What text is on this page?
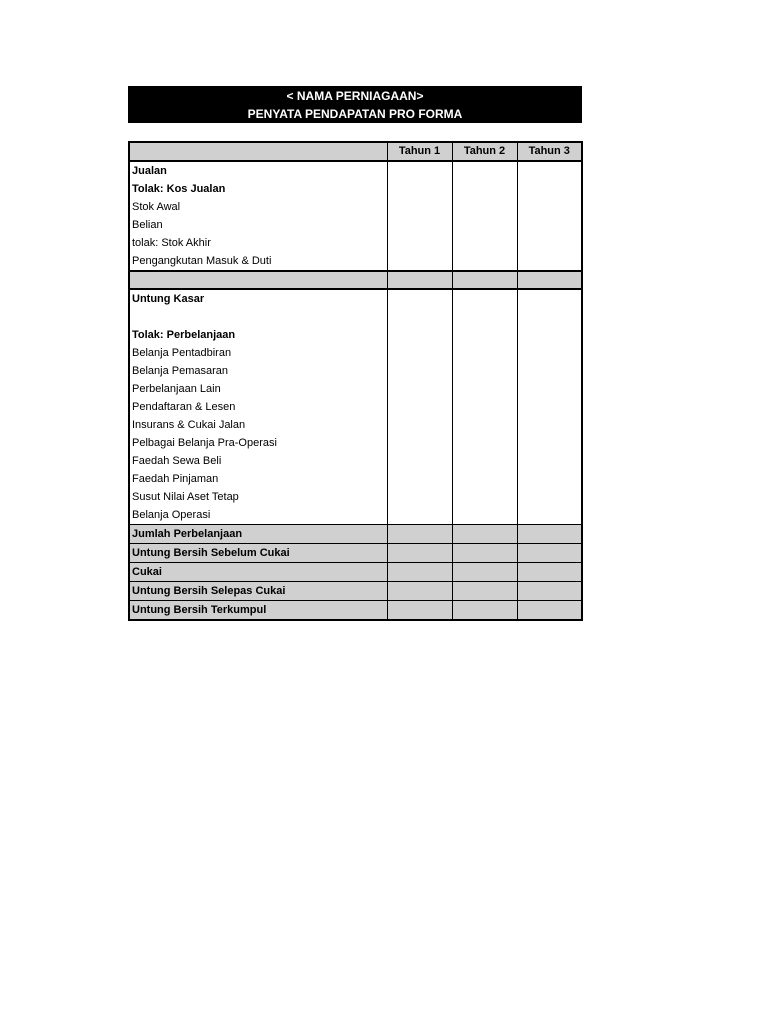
< NAMA PERNIAGAAN>
PENYATA PENDAPATAN PRO FORMA
	Tahun 1	Tahun 2	Tahun 3
Jualan			
Tolak: Kos Jualan			
Stok Awal			
Belian			
tolak: Stok Akhir			
Pengangkutan Masuk & Duti			

Untung Kasar			

Tolak: Perbelanjaan			
Belanja Pentadbiran			
Belanja Pemasaran			
Perbelanjaan Lain			
Pendaftaran & Lesen			
Insurans & Cukai Jalan			
Pelbagai Belanja Pra-Operasi			
Faedah Sewa Beli			
Faedah Pinjaman			
Susut Nilai Aset Tetap			
Belanja Operasi			
Jumlah Perbelanjaan			
Untung Bersih Sebelum Cukai			
Cukai			
Untung Bersih Selepas Cukai			
Untung Bersih Terkumpul			
